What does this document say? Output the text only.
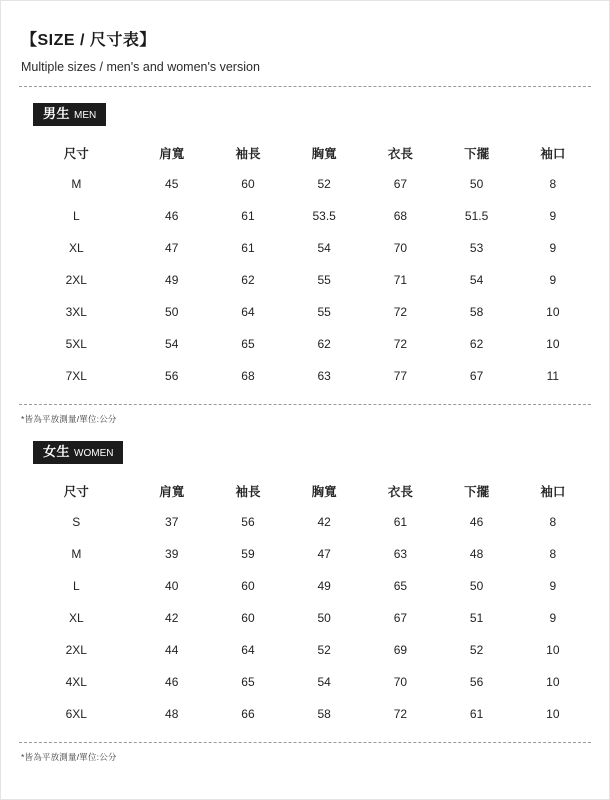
【SIZE / 尺寸表】

Multiple sizes / men's and women's version

男生 MEN
尺寸	肩寬	袖長	胸寬	衣長	下擺	袖口
M	45	60	52	67	50	8
L	46	61	53.5	68	51.5	9
XL	47	61	54	70	53	9
2XL	49	62	55	71	54	9
3XL	50	64	55	72	58	10
5XL	54	65	62	72	62	10
7XL	56	68	63	77	67	11

*皆為平放測量/單位:公分

女生 WOMEN
尺寸	肩寬	袖長	胸寬	衣長	下擺	袖口
S	37	56	42	61	46	8
M	39	59	47	63	48	8
L	40	60	49	65	50	9
XL	42	60	50	67	51	9
2XL	44	64	52	69	52	10
4XL	46	65	54	70	56	10
6XL	48	66	58	72	61	10

*皆為平放測量/單位:公分
